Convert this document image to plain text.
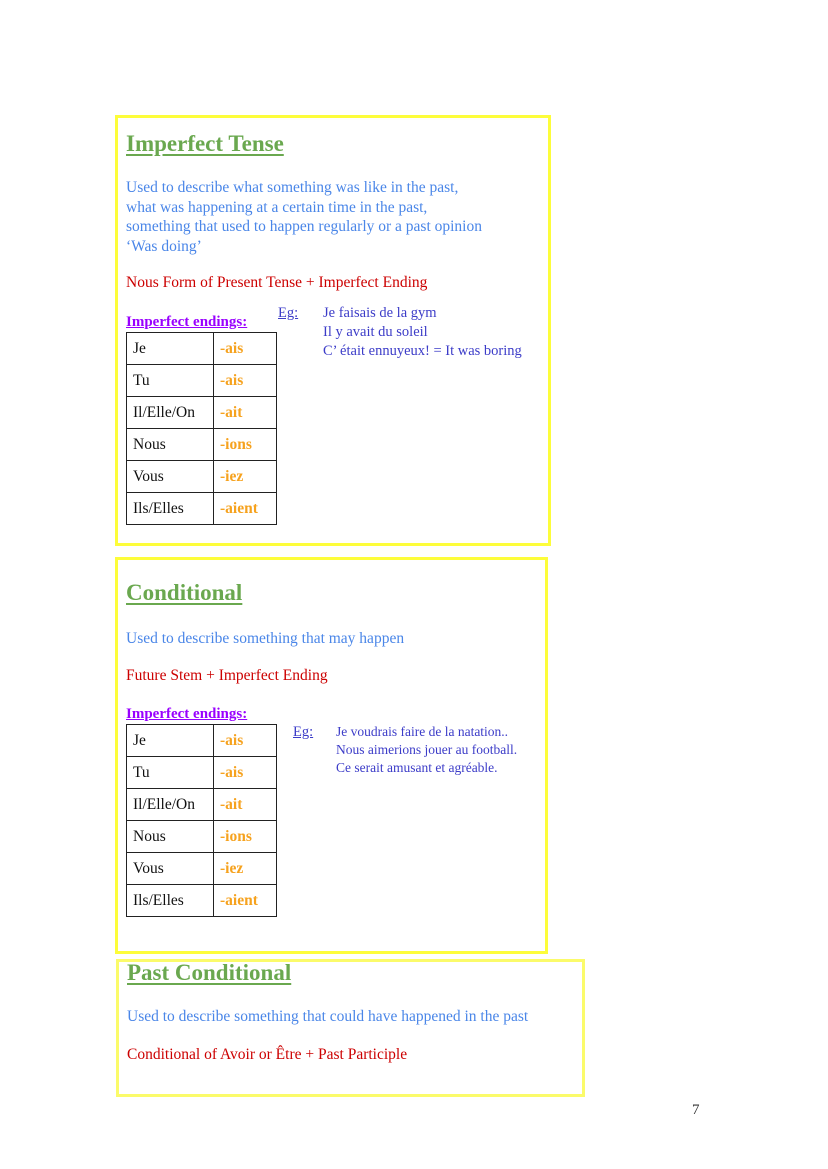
Imperfect Tense
Used to describe what something was like in the past,
what was happening at a certain time in the past,
something that used to happen regularly or a past opinion
‘Was doing’
Nous Form of Present Tense + Imperfect Ending
Imperfect endings:
Eg: Je faisais de la gym
Il y avait du soleil
C’ était ennuyeux! = It was boring
Je	-ais
Tu	-ais
Il/Elle/On	-ait
Nous	-ions
Vous	-iez
Ils/Elles	-aient
Conditional
Used to describe something that may happen
Future Stem + Imperfect Ending
Imperfect endings:
Eg: Je voudrais faire de la natation..
Nous aimerions jouer au football.
Ce serait amusant et agréable.
Je	-ais
Tu	-ais
Il/Elle/On	-ait
Nous	-ions
Vous	-iez
Ils/Elles	-aient
Past Conditional
Used to describe something that could have happened in the past
Conditional of Avoir or Être + Past Participle
7
